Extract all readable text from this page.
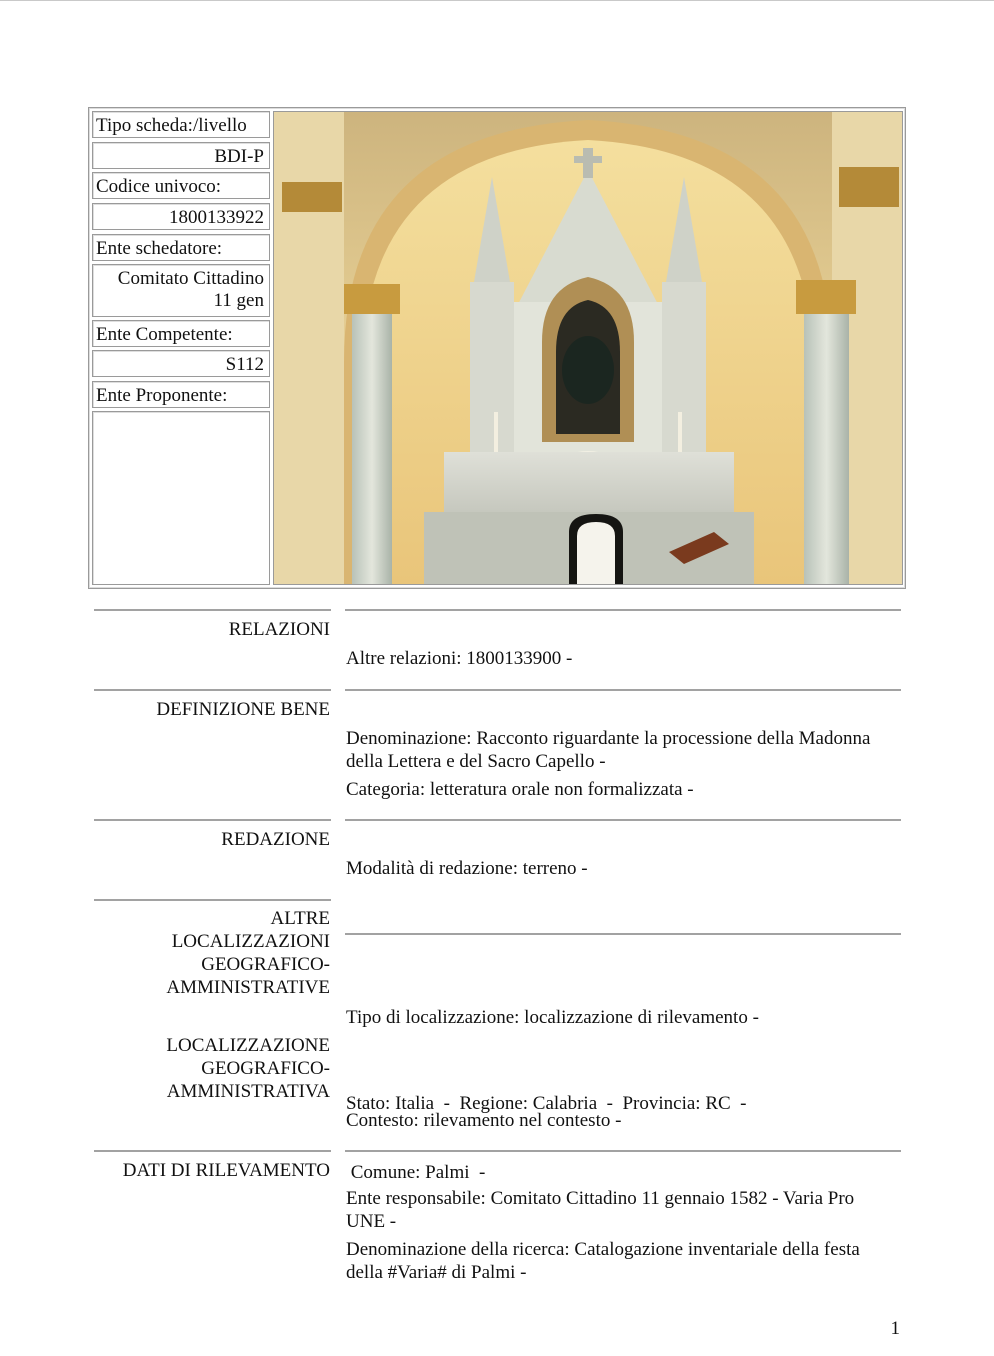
Tipo scheda:/livello
BDI-P
Codice univoco:
1800133922
Ente schedatore:
Comitato Cittadino
11 gen
Ente Competente:
S112
Ente Proponente:
RELAZIONI
Altre relazioni: 1800133900 -
DEFINIZIONE BENE
Denominazione: Racconto riguardante la processione della Madonna
della Lettera e del Sacro Capello -
Categoria: letteratura orale non formalizzata -
REDAZIONE
Modalità di redazione: terreno -
ALTRE
LOCALIZZAZIONI
GEOGRAFICO-
AMMINISTRATIVE
Tipo di localizzazione: localizzazione di rilevamento -
LOCALIZZAZIONE
GEOGRAFICO-
AMMINISTRATIVA

Stato: Italia  -  Regione: Calabria  -  Provincia: RC  -

Comune: Palmi  -

Contesto: rilevamento nel contesto -
DATI DI RILEVAMENTO
Ente responsabile: Comitato Cittadino 11 gennaio 1582 - Varia Pro
UNE -
Denominazione della ricerca: Catalogazione inventariale della festa
della #Varia# di Palmi -
1
